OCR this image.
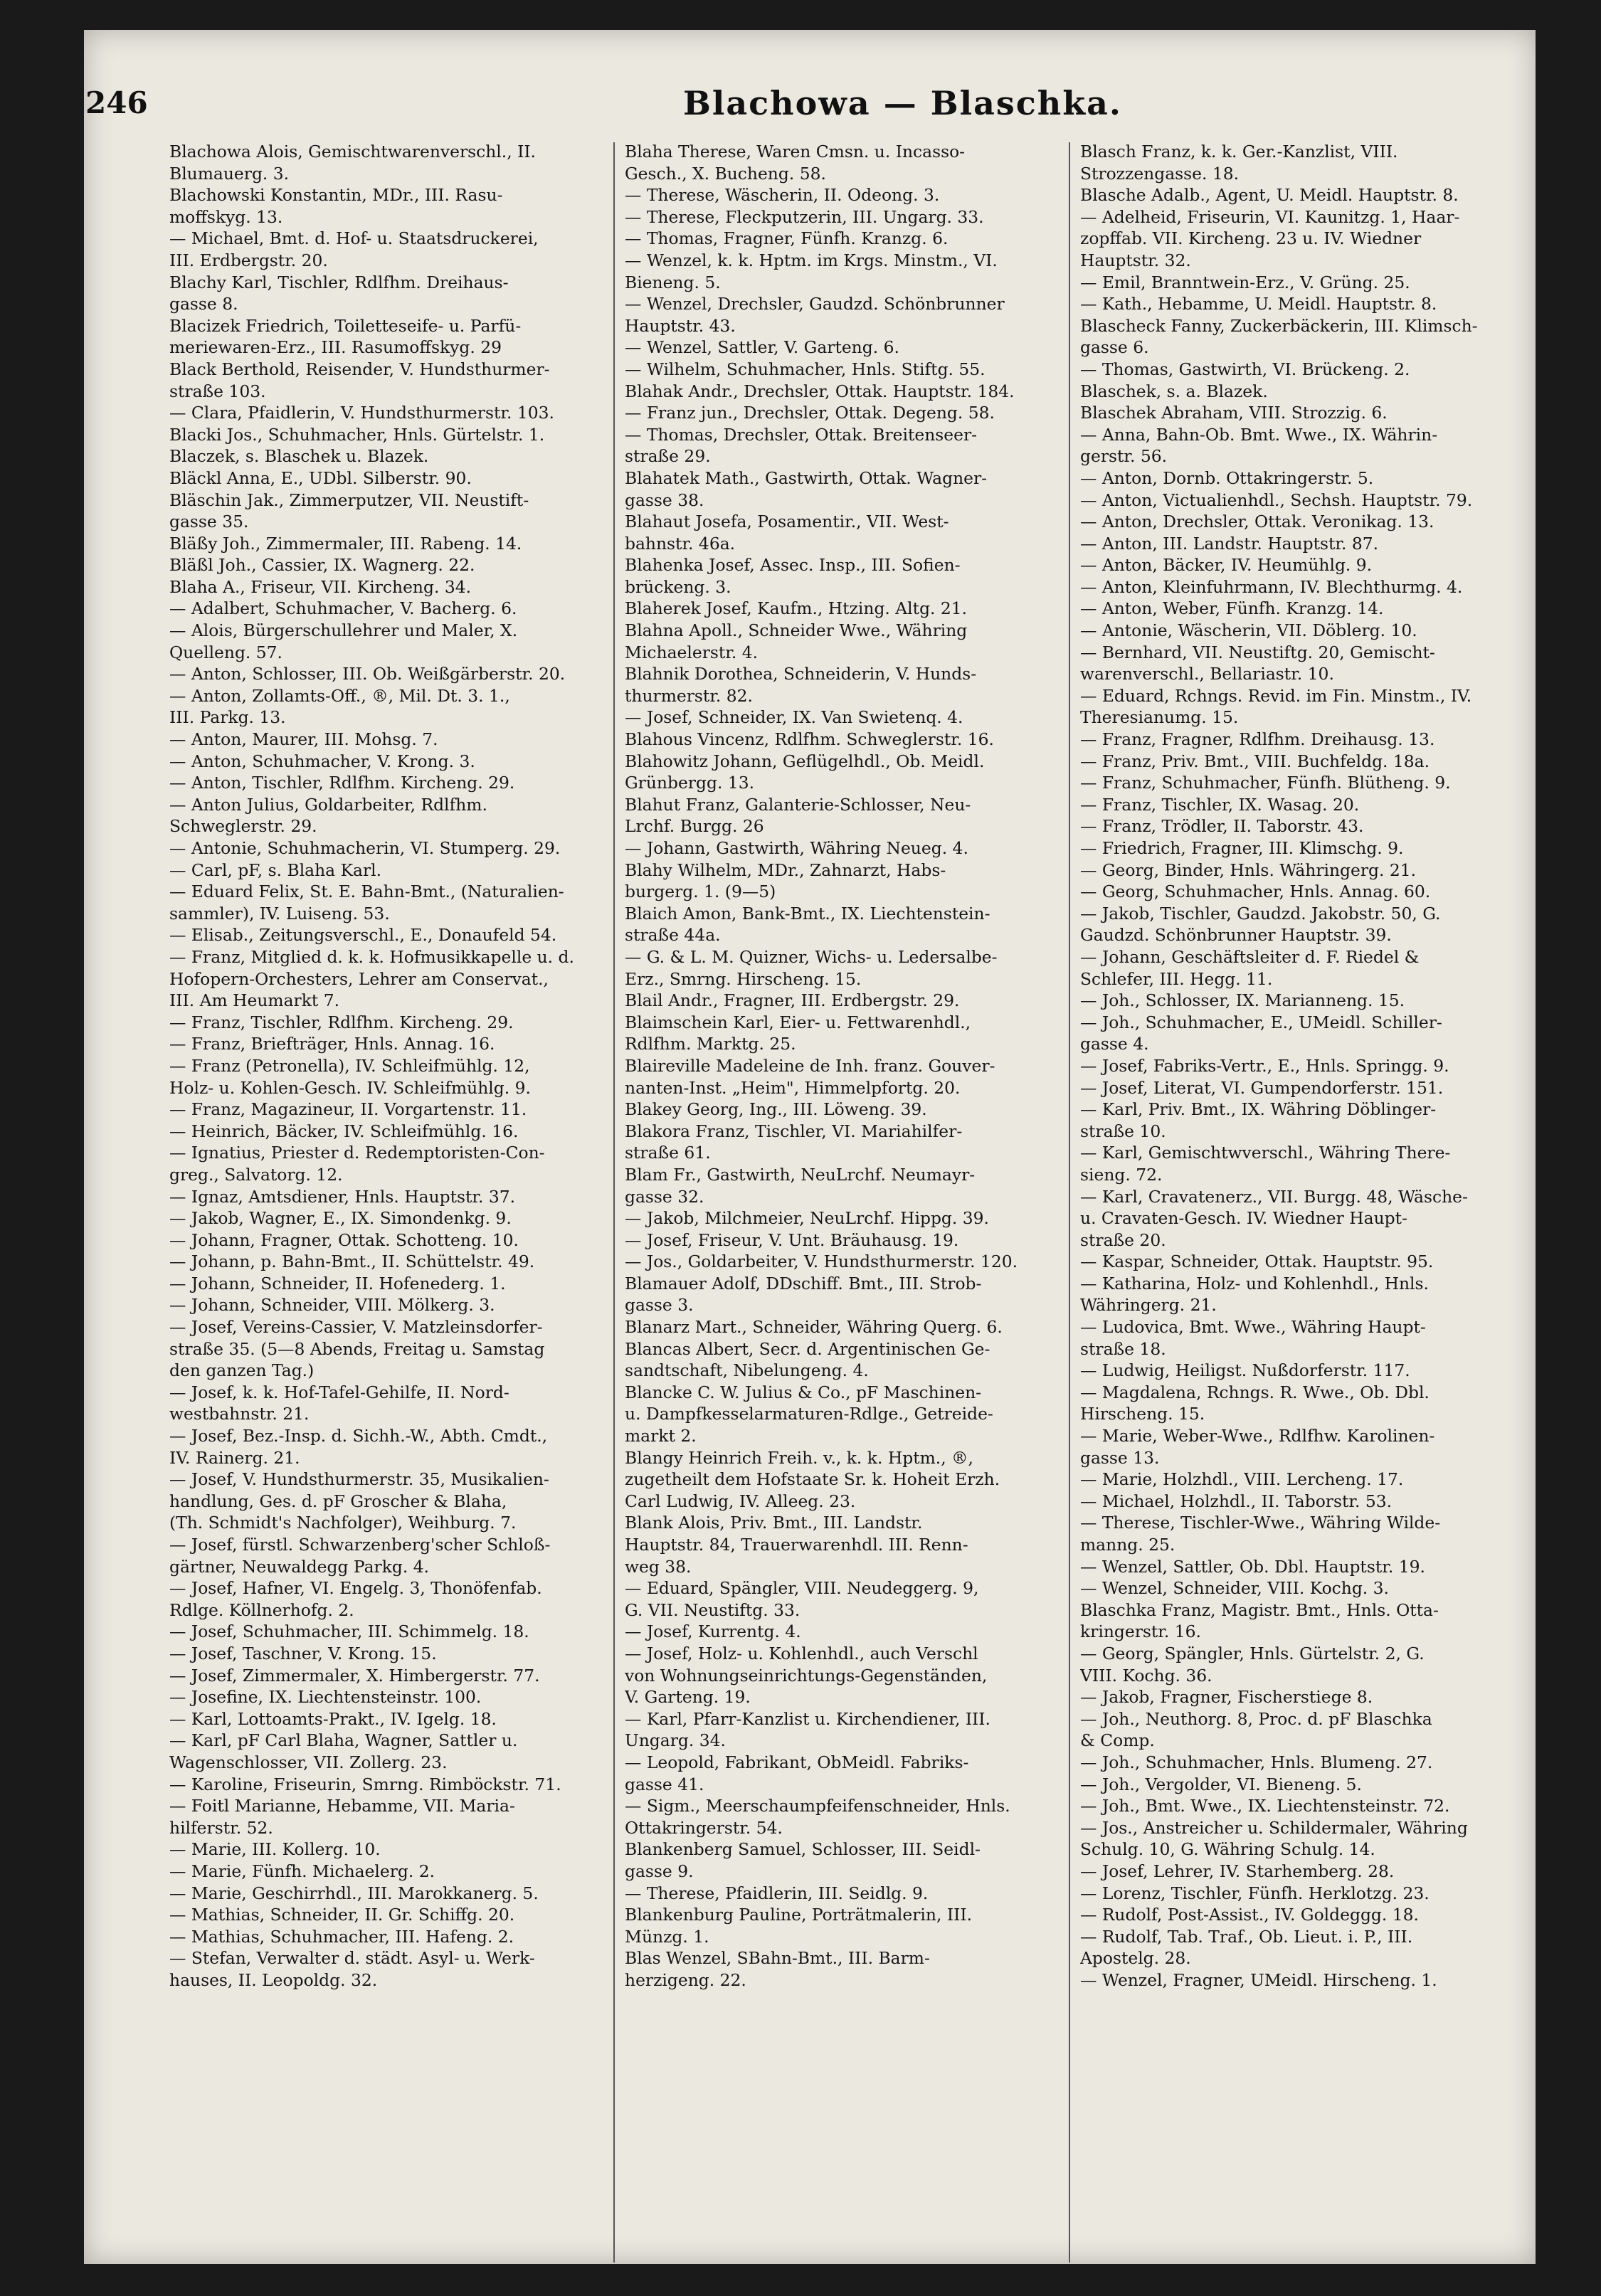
246	Blachowa — Blaschka.
Blachowa Alois, Gemischtwarenverschl., II.
Blumauerg. 3.
Blachowski Konstantin, MDr., III. Rasu-
moffskyg. 13.
— Michael, Bmt. d. Hof- u. Staatsdruckerei,
III. Erdbergstr. 20.
Blachy Karl, Tischler, Rdlfhm. Dreihaus-
gasse 8.
Blacizek Friedrich, Toiletteseife- u. Parfü-
meriewaren-Erz., III. Rasumoffskyg. 29
Black Berthold, Reisender, V. Hundsthurmer-
straße 103.
— Clara, Pfaidlerin, V. Hundsthurmerstr. 103.
Blacki Jos., Schuhmacher, Hnls. Gürtelstr. 1.
Blaczek, s. Blaschek u. Blazek.
Bläckl Anna, E., UDbl. Silberstr. 90.
Bläschin Jak., Zimmerputzer, VII. Neustift-
gasse 35.
Bläßy Joh., Zimmermaler, III. Rabeng. 14.
Bläßl Joh., Cassier, IX. Wagnerg. 22.
Blaha A., Friseur, VII. Kircheng. 34.
— Adalbert, Schuhmacher, V. Bacherg. 6.
— Alois, Bürgerschullehrer und Maler, X.
Quelleng. 57.
— Anton, Schlosser, III. Ob. Weißgärberstr. 20.
— Anton, Zollamts-Off., ®, Mil. Dt. 3. 1.,
III. Parkg. 13.
— Anton, Maurer, III. Mohsg. 7.
— Anton, Schuhmacher, V. Krong. 3.
— Anton, Tischler, Rdlfhm. Kircheng. 29.
— Anton Julius, Goldarbeiter, Rdlfhm.
Schweglerstr. 29.
— Antonie, Schuhmacherin, VI. Stumperg. 29.
— Carl, pF, s. Blaha Karl.
— Eduard Felix, St. E. Bahn-Bmt., (Naturalien-
sammler), IV. Luiseng. 53.
— Elisab., Zeitungsverschl., E., Donaufeld 54.
— Franz, Mitglied d. k. k. Hofmusikkapelle u. d.
Hofopern-Orchesters, Lehrer am Conservat.,
III. Am Heumarkt 7.
— Franz, Tischler, Rdlfhm. Kircheng. 29.
— Franz, Briefträger, Hnls. Annag. 16.
— Franz (Petronella), IV. Schleifmühlg. 12,
Holz- u. Kohlen-Gesch. IV. Schleifmühlg. 9.
— Franz, Magazineur, II. Vorgartenstr. 11.
— Heinrich, Bäcker, IV. Schleifmühlg. 16.
— Ignatius, Priester d. Redemptoristen-Con-
greg., Salvatorg. 12.
— Ignaz, Amtsdiener, Hnls. Hauptstr. 37.
— Jakob, Wagner, E., IX. Simondenkg. 9.
— Johann, Fragner, Ottak. Schotteng. 10.
— Johann, p. Bahn-Bmt., II. Schüttelstr. 49.
— Johann, Schneider, II. Hofenederg. 1.
— Johann, Schneider, VIII. Mölkerg. 3.
— Josef, Vereins-Cassier, V. Matzleinsdorfer-
straße 35. (5—8 Abends, Freitag u. Samstag
den ganzen Tag.)
— Josef, k. k. Hof-Tafel-Gehilfe, II. Nord-
westbahnstr. 21.
— Josef, Bez.-Insp. d. Sichh.-W., Abth. Cmdt.,
IV. Rainerg. 21.
— Josef, V. Hundsthurmerstr. 35, Musikalien-
handlung, Ges. d. pF Groscher & Blaha,
(Th. Schmidt's Nachfolger), Weihburg. 7.
— Josef, fürstl. Schwarzenberg'scher Schloß-
gärtner, Neuwaldegg Parkg. 4.
— Josef, Hafner, VI. Engelg. 3, Thonöfenfab.
Rdlge. Köllnerhofg. 2.
— Josef, Schuhmacher, III. Schimmelg. 18.
— Josef, Taschner, V. Krong. 15.
— Josef, Zimmermaler, X. Himbergerstr. 77.
— Josefine, IX. Liechtensteinstr. 100.
— Karl, Lottoamts-Prakt., IV. Igelg. 18.
— Karl, pF Carl Blaha, Wagner, Sattler u.
Wagenschlosser, VII. Zollerg. 23.
— Karoline, Friseurin, Smrng. Rimböckstr. 71.
— Foitl Marianne, Hebamme, VII. Maria-
hilferstr. 52.
— Marie, III. Kollerg. 10.
— Marie, Fünfh. Michaelerg. 2.
— Marie, Geschirrhdl., III. Marokkanerg. 5.
— Mathias, Schneider, II. Gr. Schiffg. 20.
— Mathias, Schuhmacher, III. Hafeng. 2.
— Stefan, Verwalter d. städt. Asyl- u. Werk-
hauses, II. Leopoldg. 32.
Blaha Therese, Waren Cmsn. u. Incasso-
Gesch., X. Bucheng. 58.
— Therese, Wäscherin, II. Odeong. 3.
— Therese, Fleckputzerin, III. Ungarg. 33.
— Thomas, Fragner, Fünfh. Kranzg. 6.
— Wenzel, k. k. Hptm. im Krgs. Minstm., VI.
Bieneng. 5.
— Wenzel, Drechsler, Gaudzd. Schönbrunner
Hauptstr. 43.
— Wenzel, Sattler, V. Garteng. 6.
— Wilhelm, Schuhmacher, Hnls. Stiftg. 55.
Blahak Andr., Drechsler, Ottak. Hauptstr. 184.
— Franz jun., Drechsler, Ottak. Degeng. 58.
— Thomas, Drechsler, Ottak. Breitenseer-
straße 29.
Blahatek Math., Gastwirth, Ottak. Wagner-
gasse 38.
Blahaut Josefa, Posamentir., VII. West-
bahnstr. 46a.
Blahenka Josef, Assec. Insp., III. Sofien-
brückeng. 3.
Blaherek Josef, Kaufm., Htzing. Altg. 21.
Blahna Apoll., Schneider Wwe., Währing
Michaelerstr. 4.
Blahnik Dorothea, Schneiderin, V. Hunds-
thurmerstr. 82.
— Josef, Schneider, IX. Van Swietenq. 4.
Blahous Vincenz, Rdlfhm. Schweglerstr. 16.
Blahowitz Johann, Geflügelhdl., Ob. Meidl.
Grünbergg. 13.
Blahut Franz, Galanterie-Schlosser, Neu-
Lrchf. Burgg. 26
— Johann, Gastwirth, Währing Neueg. 4.
Blahy Wilhelm, MDr., Zahnarzt, Habs-
burgerg. 1. (9—5)
Blaich Amon, Bank-Bmt., IX. Liechtenstein-
straße 44a.
— G. & L. M. Quizner, Wichs- u. Ledersalbe-
Erz., Smrng. Hirscheng. 15.
Blail Andr., Fragner, III. Erdbergstr. 29.
Blaimschein Karl, Eier- u. Fettwarenhdl.,
Rdlfhm. Marktg. 25.
Blaireville Madeleine de Inh. franz. Gouver-
nanten-Inst. „Heim", Himmelpfortg. 20.
Blakey Georg, Ing., III. Löweng. 39.
Blakora Franz, Tischler, VI. Mariahilfer-
straße 61.
Blam Fr., Gastwirth, NeuLrchf. Neumayr-
gasse 32.
— Jakob, Milchmeier, NeuLrchf. Hippg. 39.
— Josef, Friseur, V. Unt. Bräuhausg. 19.
— Jos., Goldarbeiter, V. Hundsthurmerstr. 120.
Blamauer Adolf, DDschiff. Bmt., III. Strob-
gasse 3.
Blanarz Mart., Schneider, Währing Querg. 6.
Blancas Albert, Secr. d. Argentinischen Ge-
sandtschaft, Nibelungeng. 4.
Blancke C. W. Julius & Co., pF Maschinen-
u. Dampfkesselarmaturen-Rdlge., Getreide-
markt 2.
Blangy Heinrich Freih. v., k. k. Hptm., ®,
zugetheilt dem Hofstaate Sr. k. Hoheit Erzh.
Carl Ludwig, IV. Alleeg. 23.
Blank Alois, Priv. Bmt., III. Landstr.
Hauptstr. 84, Trauerwarenhdl. III. Renn-
weg 38.
— Eduard, Spängler, VIII. Neudeggerg. 9,
G. VII. Neustiftg. 33.
— Josef, Kurrentg. 4.
— Josef, Holz- u. Kohlenhdl., auch Verschl
von Wohnungseinrichtungs-Gegenständen,
V. Garteng. 19.
— Karl, Pfarr-Kanzlist u. Kirchendiener, III.
Ungarg. 34.
— Leopold, Fabrikant, ObMeidl. Fabriks-
gasse 41.
— Sigm., Meerschaumpfeifenschneider, Hnls.
Ottakringerstr. 54.
Blankenberg Samuel, Schlosser, III. Seidl-
gasse 9.
— Therese, Pfaidlerin, III. Seidlg. 9.
Blankenburg Pauline, Porträtmalerin, III.
Münzg. 1.
Blas Wenzel, SBahn-Bmt., III. Barm-
herzigeng. 22.
Blasch Franz, k. k. Ger.-Kanzlist, VIII.
Strozzengasse. 18.
Blasche Adalb., Agent, U. Meidl. Hauptstr. 8.
— Adelheid, Friseurin, VI. Kaunitzg. 1, Haar-
zopffab. VII. Kircheng. 23 u. IV. Wiedner
Hauptstr. 32.
— Emil, Branntwein-Erz., V. Grüng. 25.
— Kath., Hebamme, U. Meidl. Hauptstr. 8.
Blascheck Fanny, Zuckerbäckerin, III. Klimsch-
gasse 6.
— Thomas, Gastwirth, VI. Brückeng. 2.
Blaschek, s. a. Blazek.
Blaschek Abraham, VIII. Strozzig. 6.
— Anna, Bahn-Ob. Bmt. Wwe., IX. Währin-
gerstr. 56.
— Anton, Dornb. Ottakringerstr. 5.
— Anton, Victualienhdl., Sechsh. Hauptstr. 79.
— Anton, Drechsler, Ottak. Veronikag. 13.
— Anton, III. Landstr. Hauptstr. 87.
— Anton, Bäcker, IV. Heumühlg. 9.
— Anton, Kleinfuhrmann, IV. Blechthurmg. 4.
— Anton, Weber, Fünfh. Kranzg. 14.
— Antonie, Wäscherin, VII. Döblerg. 10.
— Bernhard, VII. Neustiftg. 20, Gemischt-
warenverschl., Bellariastr. 10.
— Eduard, Rchngs. Revid. im Fin. Minstm., IV.
Theresianumg. 15.
— Franz, Fragner, Rdlfhm. Dreihausg. 13.
— Franz, Priv. Bmt., VIII. Buchfeldg. 18a.
— Franz, Schuhmacher, Fünfh. Blütheng. 9.
— Franz, Tischler, IX. Wasag. 20.
— Franz, Trödler, II. Taborstr. 43.
— Friedrich, Fragner, III. Klimschg. 9.
— Georg, Binder, Hnls. Währingerg. 21.
— Georg, Schuhmacher, Hnls. Annag. 60.
— Jakob, Tischler, Gaudzd. Jakobstr. 50, G.
Gaudzd. Schönbrunner Hauptstr. 39.
— Johann, Geschäftsleiter d. F. Riedel &
Schlefer, III. Hegg. 11.
— Joh., Schlosser, IX. Marianneng. 15.
— Joh., Schuhmacher, E., UMeidl. Schiller-
gasse 4.
— Josef, Fabriks-Vertr., E., Hnls. Springg. 9.
— Josef, Literat, VI. Gumpendorferstr. 151.
— Karl, Priv. Bmt., IX. Währing Döblinger-
straße 10.
— Karl, Gemischtwverschl., Währing There-
sieng. 72.
— Karl, Cravatenerz., VII. Burgg. 48, Wäsche-
u. Cravaten-Gesch. IV. Wiedner Haupt-
straße 20.
— Kaspar, Schneider, Ottak. Hauptstr. 95.
— Katharina, Holz- und Kohlenhdl., Hnls.
Währingerg. 21.
— Ludovica, Bmt. Wwe., Währing Haupt-
straße 18.
— Ludwig, Heiligst. Nußdorferstr. 117.
— Magdalena, Rchngs. R. Wwe., Ob. Dbl.
Hirscheng. 15.
— Marie, Weber-Wwe., Rdlfhw. Karolinen-
gasse 13.
— Marie, Holzhdl., VIII. Lercheng. 17.
— Michael, Holzhdl., II. Taborstr. 53.
— Therese, Tischler-Wwe., Währing Wilde-
manng. 25.
— Wenzel, Sattler, Ob. Dbl. Hauptstr. 19.
— Wenzel, Schneider, VIII. Kochg. 3.
Blaschka Franz, Magistr. Bmt., Hnls. Otta-
kringerstr. 16.
— Georg, Spängler, Hnls. Gürtelstr. 2, G.
VIII. Kochg. 36.
— Jakob, Fragner, Fischerstiege 8.
— Joh., Neuthorg. 8, Proc. d. pF Blaschka
& Comp.
— Joh., Schuhmacher, Hnls. Blumeng. 27.
— Joh., Vergolder, VI. Bieneng. 5.
— Joh., Bmt. Wwe., IX. Liechtensteinstr. 72.
— Jos., Anstreicher u. Schildermaler, Währing
Schulg. 10, G. Währing Schulg. 14.
— Josef, Lehrer, IV. Starhemberg. 28.
— Lorenz, Tischler, Fünfh. Herklotzg. 23.
— Rudolf, Post-Assist., IV. Goldeggg. 18.
— Rudolf, Tab. Traf., Ob. Lieut. i. P., III.
Apostelg. 28.
— Wenzel, Fragner, UMeidl. Hirscheng. 1.
